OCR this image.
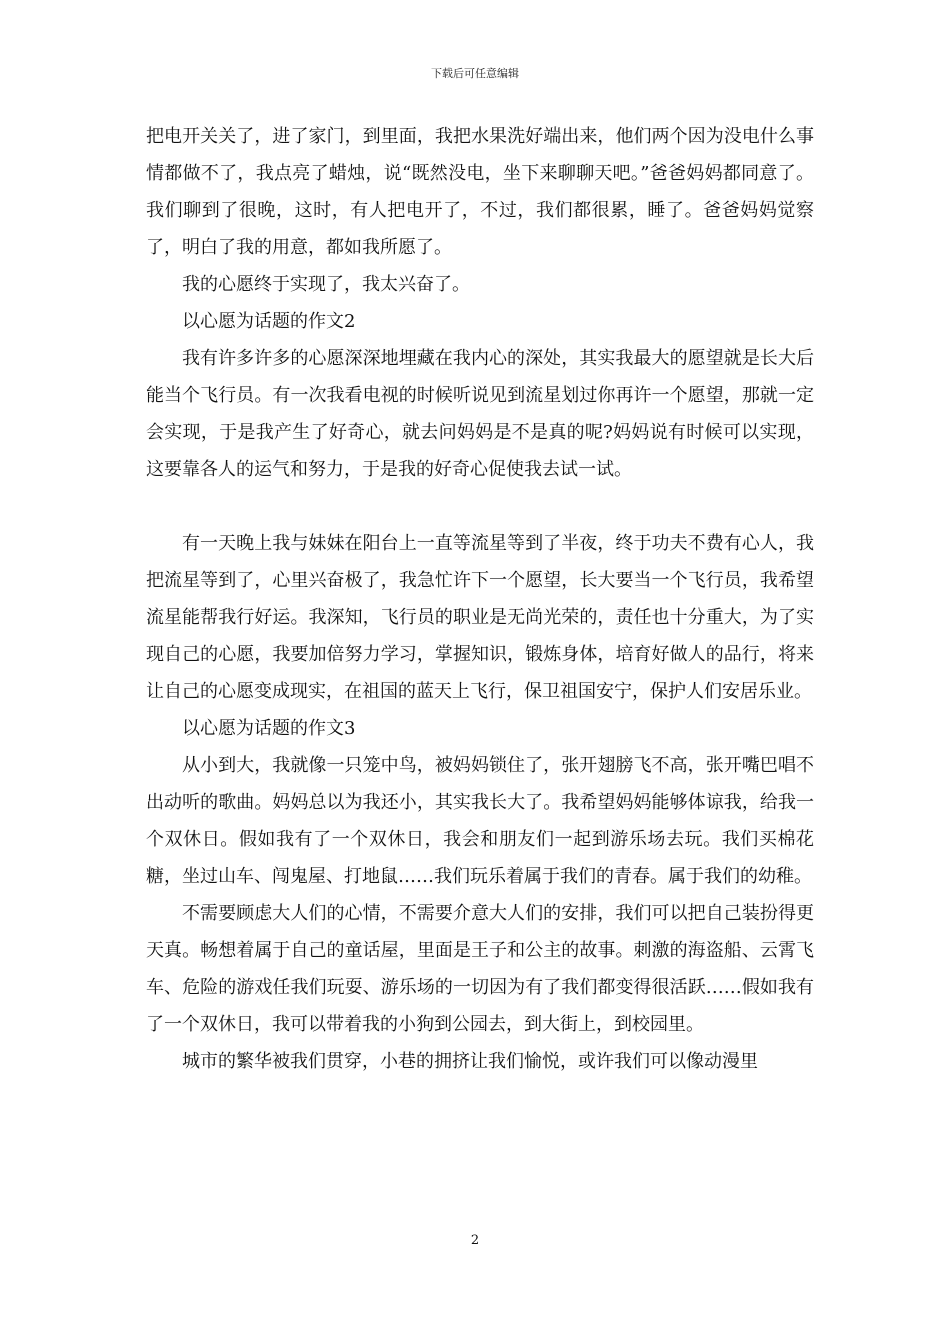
下载后可任意编辑

把电开关关了，进了家门，到里面，我把水果洗好端出来，他们两个因为没电什么事情都做不了，我点亮了蜡烛，说“既然没电，坐下来聊聊天吧。”爸爸妈妈都同意了。我们聊到了很晚，这时，有人把电开了，不过，我们都很累，睡了。爸爸妈妈觉察了，明白了我的用意，都如我所愿了。

我的心愿终于实现了，我太兴奋了。

以心愿为话题的作文2

我有许多许多的心愿深深地埋藏在我内心的深处，其实我最大的愿望就是长大后能当个飞行员。有一次我看电视的时候听说见到流星划过你再许一个愿望，那就一定会实现，于是我产生了好奇心，就去问妈妈是不是真的呢?妈妈说有时候可以实现，这要靠各人的运气和努力，于是我的好奇心促使我去试一试。

有一天晚上我与妹妹在阳台上一直等流星等到了半夜，终于功夫不费有心人，我把流星等到了，心里兴奋极了，我急忙许下一个愿望，长大要当一个飞行员，我希望流星能帮我行好运。我深知，飞行员的职业是无尚光荣的，责任也十分重大，为了实现自己的心愿，我要加倍努力学习，掌握知识，锻炼身体，培育好做人的品行，将来让自己的心愿变成现实，在祖国的蓝天上飞行，保卫祖国安宁，保护人们安居乐业。

以心愿为话题的作文3

从小到大，我就像一只笼中鸟，被妈妈锁住了，张开翅膀飞不高，张开嘴巴唱不出动听的歌曲。妈妈总以为我还小，其实我长大了。我希望妈妈能够体谅我，给我一个双休日。假如我有了一个双休日，我会和朋友们一起到游乐场去玩。我们买棉花糖，坐过山车、闯鬼屋、打地鼠……我们玩乐着属于我们的青春。属于我们的幼稚。

不需要顾虑大人们的心情，不需要介意大人们的安排，我们可以把自己装扮得更天真。畅想着属于自己的童话屋，里面是王子和公主的故事。刺激的海盗船、云霄飞车、危险的游戏任我们玩耍、游乐场的一切因为有了我们都变得很活跃……假如我有了一个双休日，我可以带着我的小狗到公园去，到大街上，到校园里。

城市的繁华被我们贯穿，小巷的拥挤让我们愉悦，或许我们可以像动漫里

2
